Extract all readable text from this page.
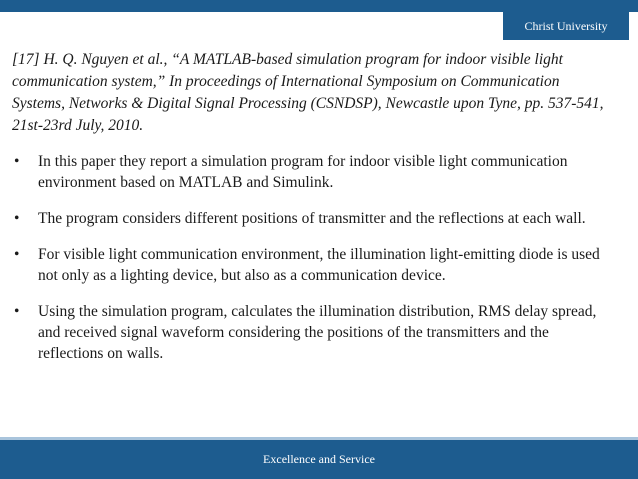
Christ University

[17] H. Q. Nguyen et al., “A MATLAB-based simulation program for indoor visible light communication system,” In proceedings of International Symposium on Communication Systems, Networks & Digital Signal Processing (CSNDSP), Newcastle upon Tyne, pp. 537-541, 21st-23rd July, 2010.

• In this paper they report a simulation program for indoor visible light communication environment based on MATLAB and Simulink.
• The program considers different positions of transmitter and the reflections at each wall.
• For visible light communication environment, the illumination light-emitting diode is used not only as a lighting device, but also as a communication device.
• Using the simulation program, calculates the illumination distribution, RMS delay spread, and received signal waveform considering the positions of the transmitters and the reflections on walls.
Excellence and Service
